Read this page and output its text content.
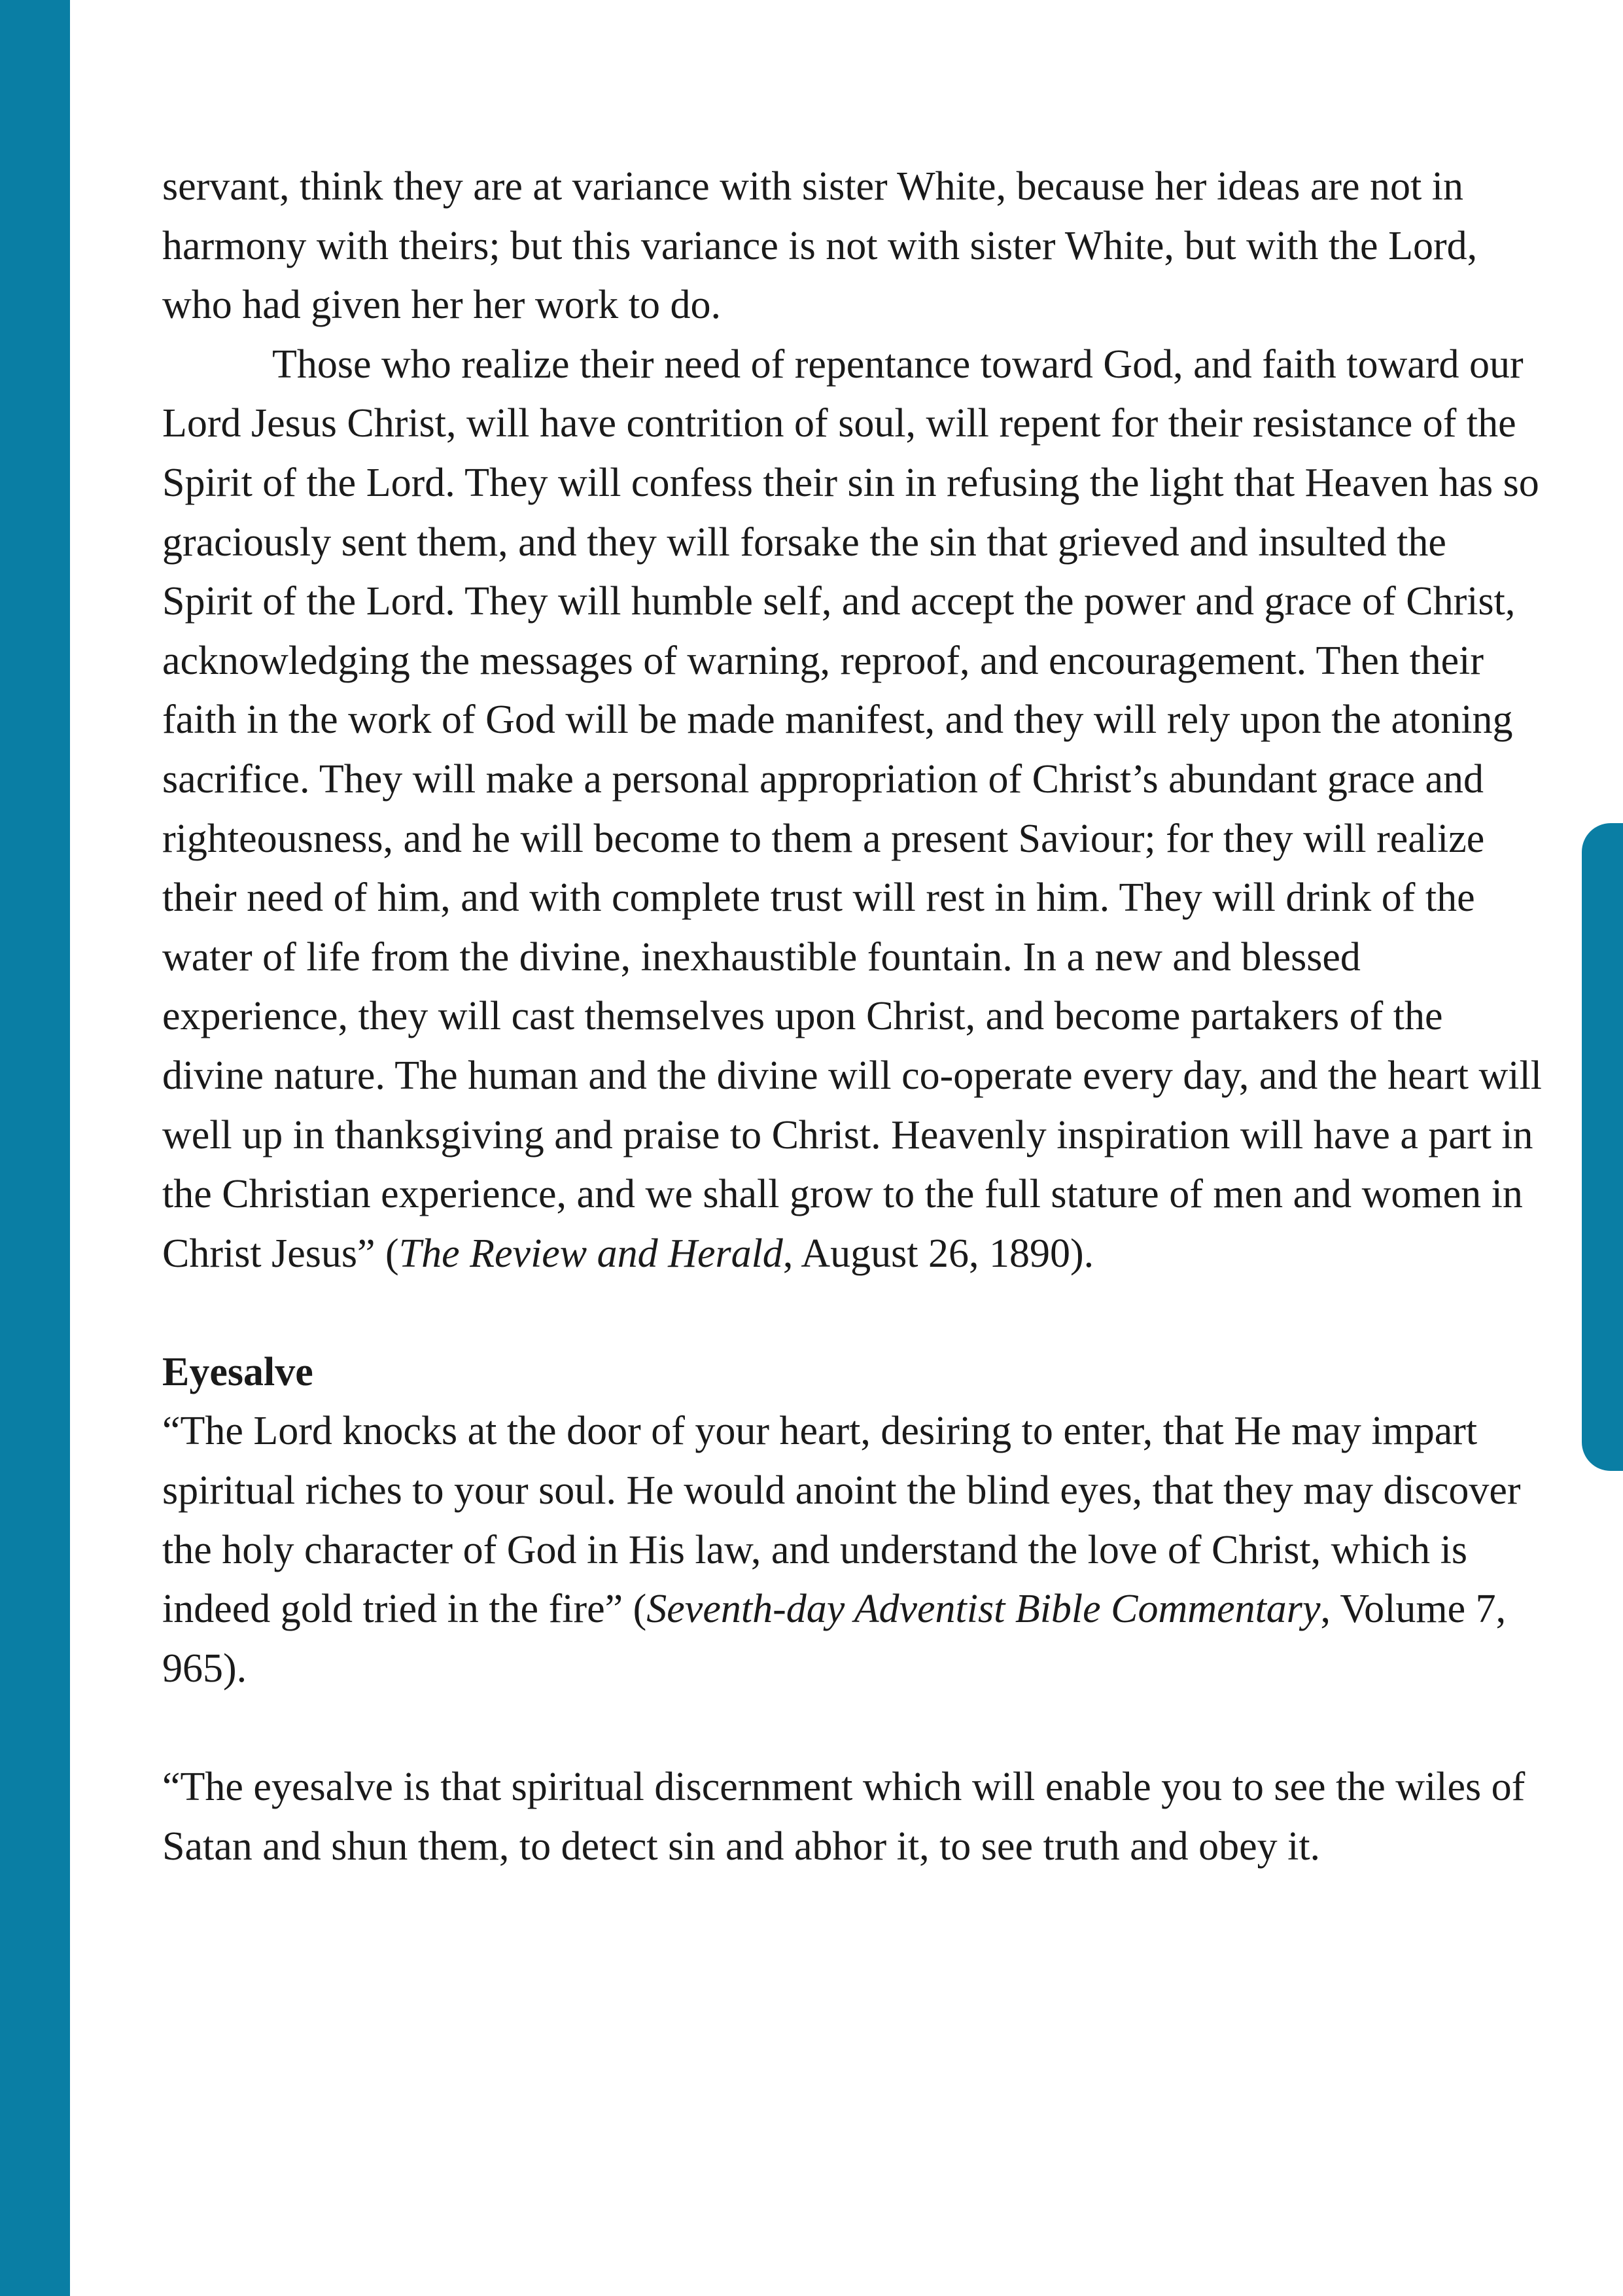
servant, think they are at variance with sister White, because her ideas are not in harmony with theirs; but this variance is not with sister White, but with the Lord, who had given her her work to do.

Those who realize their need of repentance toward God, and faith toward our Lord Jesus Christ, will have contrition of soul, will repent for their resistance of the Spirit of the Lord. They will confess their sin in refusing the light that Heaven has so graciously sent them, and they will forsake the sin that grieved and insulted the Spirit of the Lord. They will humble self, and accept the power and grace of Christ, acknowledging the messages of warning, reproof, and encouragement. Then their faith in the work of God will be made manifest, and they will rely upon the atoning sacrifice. They will make a personal appropriation of Christ’s abundant grace and righteousness, and he will become to them a present Saviour; for they will realize their need of him, and with complete trust will rest in him. They will drink of the water of life from the divine, inexhaustible fountain. In a new and blessed experience, they will cast themselves upon Christ, and become partakers of the divine nature. The human and the divine will co-operate every day, and the heart will well up in thanksgiving and praise to Christ. Heavenly inspiration will have a part in the Christian experience, and we shall grow to the full stature of men and women in Christ Jesus” (The Review and Herald, August 26, 1890).

Eyesalve

“The Lord knocks at the door of your heart, desiring to enter, that He may impart spiritual riches to your soul. He would anoint the blind eyes, that they may discover the holy character of God in His law, and understand the love of Christ, which is indeed gold tried in the fire” (Seventh-day Adventist Bible Commentary, Volume 7, 965).

“The eyesalve is that spiritual discernment which will enable you to see the wiles of Satan and shun them, to detect sin and abhor it, to see truth and obey it.
